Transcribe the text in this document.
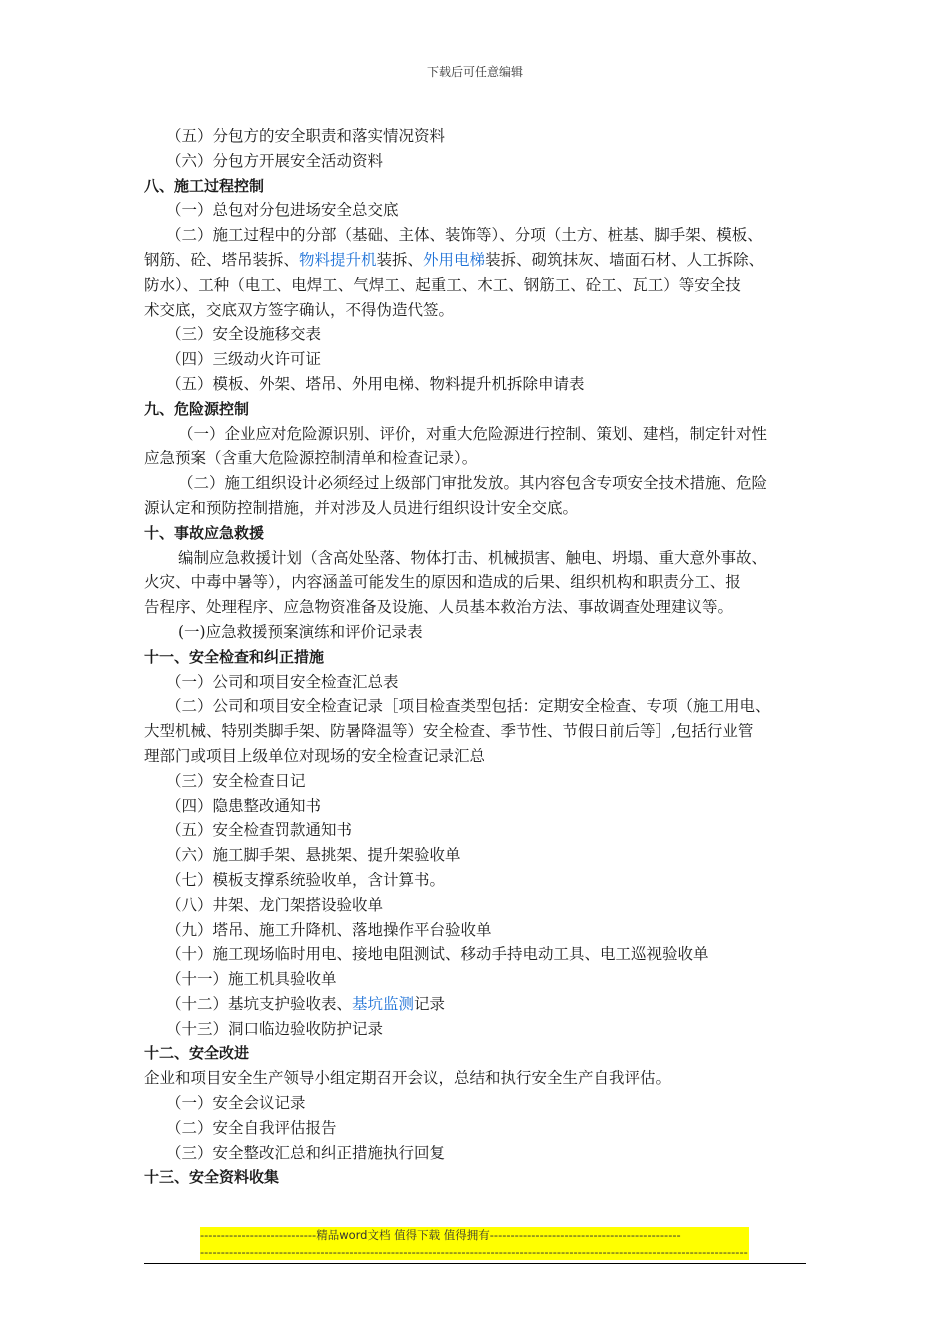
下载后可任意编辑
（五）分包方的安全职责和落实情况资料
（六）分包方开展安全活动资料
八、施工过程控制
（一）总包对分包进场安全总交底
（二）施工过程中的分部（基础、主体、装饰等）、分项（土方、桩基、脚手架、模板、
钢筋、砼、塔吊装拆、物料提升机装拆、外用电梯装拆、砌筑抹灰、墙面石材、人工拆除、
防水）、工种（电工、电焊工、气焊工、起重工、木工、钢筋工、砼工、瓦工）等安全技
术交底，交底双方签字确认，不得伪造代签。
（三）安全设施移交表
（四）三级动火许可证
（五）模板、外架、塔吊、外用电梯、物料提升机拆除申请表
九、危险源控制
（一）企业应对危险源识别、评价，对重大危险源进行控制、策划、建档，制定针对性
应急预案（含重大危险源控制清单和检查记录）。
（二）施工组织设计必须经过上级部门审批发放。其内容包含专项安全技术措施、危险
源认定和预防控制措施，并对涉及人员进行组织设计安全交底。
十、事故应急救援
编制应急救援计划（含高处坠落、物体打击、机械损害、触电、坍塌、重大意外事故、
火灾、中毒中暑等），内容涵盖可能发生的原因和造成的后果、组织机构和职责分工、报
告程序、处理程序、应急物资准备及设施、人员基本救治方法、事故调查处理建议等。
(一)应急救援预案演练和评价记录表
十一、安全检查和纠正措施
（一）公司和项目安全检查汇总表
（二）公司和项目安全检查记录［项目检查类型包括：定期安全检查、专项（施工用电、
大型机械、特别类脚手架、防暑降温等）安全检查、季节性、节假日前后等］,包括行业管
理部门或项目上级单位对现场的安全检查记录汇总
（三）安全检查日记
（四）隐患整改通知书
（五）安全检查罚款通知书
（六）施工脚手架、悬挑架、提升架验收单
（七）模板支撑系统验收单，含计算书。
（八）井架、龙门架搭设验收单
（九）塔吊、施工升降机、落地操作平台验收单
（十）施工现场临时用电、接地电阻测试、移动手持电动工具、电工巡视验收单
（十一）施工机具验收单
（十二）基坑支护验收表、基坑监测记录
（十三）洞口临边验收防护记录
十二、安全改进
企业和项目安全生产领导小组定期召开会议，总结和执行安全生产自我评估。
（一）安全会议记录
（二）安全自我评估报告
（三）安全整改汇总和纠正措施执行回复
十三、安全资料收集
----------------------------精品word文档 值得下载 值得拥有----------------------------------------------
------------------------------------------------------------------------------------------------------------------------------------
